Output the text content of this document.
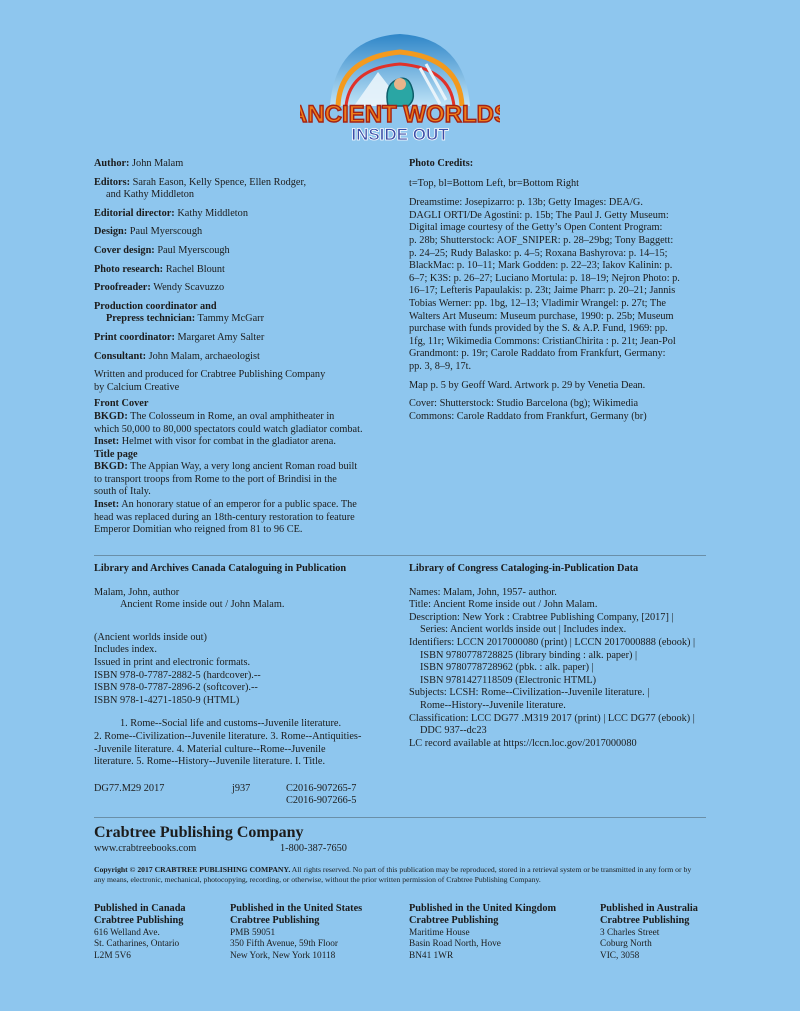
ANCIENT WORLDS
INSIDE OUT

Author: John Malam

Editors: Sarah Eason, Kelly Spence, Ellen Rodger,

and Kathy Middleton

Editorial director: Kathy Middleton

Design: Paul Myerscough

Cover design: Paul Myerscough

Photo research: Rachel Blount

Proofreader: Wendy Scavuzzo

Production coordinator and

Prepress technician: Tammy McGarr

Print coordinator: Margaret Amy Salter

Consultant: John Malam, archaeologist

Written and produced for Crabtree Publishing Company

by Calcium Creative

Front Cover

BKGD: The Colosseum in Rome, an oval amphitheater in

which 50,000 to 80,000 spectators could watch gladiator combat.

Inset: Helmet with visor for combat in the gladiator arena.

Title page

BKGD: The Appian Way, a very long ancient Roman road built

to transport troops from Rome to the port of Brindisi in the

south of Italy.

Inset: An honorary statue of an emperor for a public space. The

head was replaced during an 18th-century restoration to feature

Emperor Domitian who reigned from 81 to 96 CE.

Photo Credits:

t=Top, bl=Bottom Left, br=Bottom Right

Dreamstime: Josepizarro: p. 13b; Getty Images: DEA/G.

DAGLI ORTI/De Agostini: p. 15b; The Paul J. Getty Museum:

Digital image courtesy of the Getty’s Open Content Program:

p. 28b; Shutterstock: AOF_SNIPER: p. 28–29bg; Tony Baggett:

p. 24–25; Rudy Balasko: p. 4–5; Roxana Bashyrova: p. 14–15;

BlackMac: p. 10–11; Mark Godden: p. 22–23; Iakov Kalinin: p.

6–7; K3S: p. 26–27; Luciano Mortula: p. 18–19; Nejron Photo: p.

16–17; Lefteris Papaulakis: p. 23t; Jaime Pharr: p. 20–21; Jannis

Tobias Werner: pp. 1bg, 12–13; Vladimir Wrangel: p. 27t; The

Walters Art Museum: Museum purchase, 1990: p. 25b; Museum

purchase with funds provided by the S. & A.P. Fund, 1969: pp.

1fg, 11r; Wikimedia Commons: CristianChirita : p. 21t; Jean-Pol

Grandmont: p. 19r; Carole Raddato from Frankfurt, Germany:

pp. 3, 8–9, 17t.

Map p. 5 by Geoff Ward. Artwork p. 29 by Venetia Dean.

Cover: Shutterstock: Studio Barcelona (bg); Wikimedia

Commons: Carole Raddato from Frankfurt, Germany (br)

Library and Archives Canada Cataloguing in Publication

Malam, John, author

Ancient Rome inside out / John Malam.

(Ancient worlds inside out)

Includes index.

Issued in print and electronic formats.

ISBN 978-0-7787-2882-5 (hardcover).--

ISBN 978-0-7787-2896-2 (softcover).--

ISBN 978-1-4271-1850-9 (HTML)

1. Rome--Social life and customs--Juvenile literature.

2. Rome--Civilization--Juvenile literature. 3. Rome--Antiquities-

-Juvenile literature. 4. Material culture--Rome--Juvenile

literature. 5. Rome--History--Juvenile literature. I. Title.

DG77.M29 2017	j937	C2016-907265-7
C2016-907266-5

Library of Congress Cataloging-in-Publication Data

Names: Malam, John, 1957- author.

Title: Ancient Rome inside out / John Malam.

Description: New York : Crabtree Publishing Company, [2017] |

Series: Ancient worlds inside out | Includes index.

Identifiers: LCCN 2017000080 (print) | LCCN 2017000888 (ebook) |

ISBN 9780778728825 (library binding : alk. paper) |

ISBN 9780778728962 (pbk. : alk. paper) |

ISBN 9781427118509 (Electronic HTML)

Subjects: LCSH: Rome--Civilization--Juvenile literature. |

Rome--History--Juvenile literature.

Classification: LCC DG77 .M319 2017 (print) | LCC DG77 (ebook) |

DDC 937--dc23

LC record available at https://lccn.loc.gov/2017000080

Crabtree Publishing Company

www.crabtreebooks.com	1-800-387-7650

Copyright © 2017 CRABTREE PUBLISHING COMPANY. All rights reserved. No part of this publication may be reproduced, stored in a retrieval system or be transmitted in any form or by any means, electronic, mechanical, photocopying, recording, or otherwise, without the prior written permission of Crabtree Publishing Company.

Published in Canada
Crabtree Publishing
616 Welland Ave.
St. Catharines, Ontario
L2M 5V6
Published in the United States
Crabtree Publishing
PMB 59051
350 Fifth Avenue, 59th Floor
New York, New York 10118
Published in the United Kingdom
Crabtree Publishing
Maritime House
Basin Road North, Hove
BN41 1WR
Published in Australia
Crabtree Publishing
3 Charles Street
Coburg North
VIC, 3058
